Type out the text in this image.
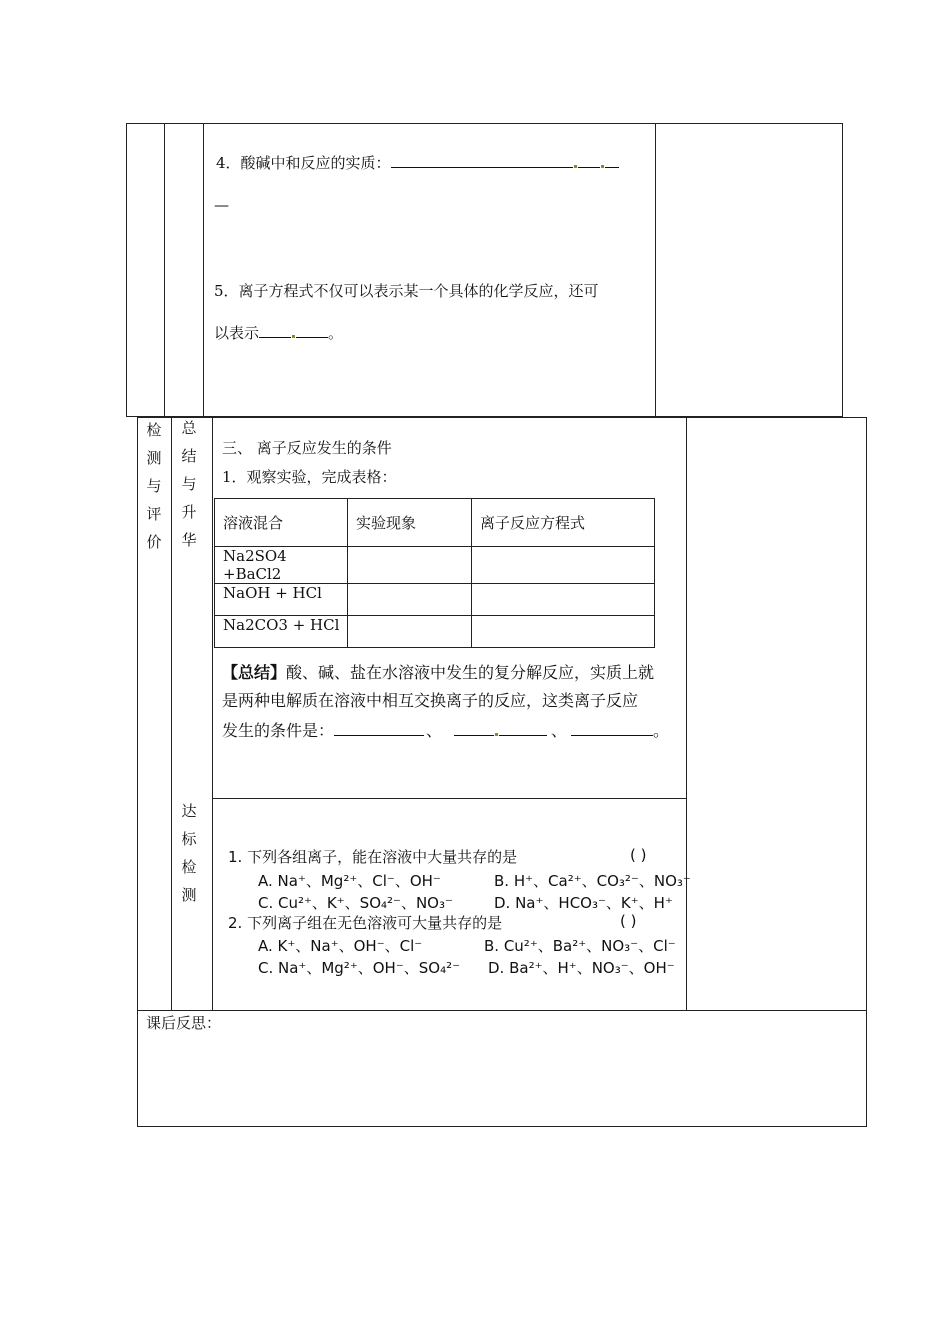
4．酸碱中和反应的实质：
—
5．离子方程式不仅可以表示某一个具体的化学反应，还可
以表示	。
检
测
与
评
价
总
结
与
升
华
达
标
检
测
三、 离子反应发生的条件
1．观察实验，完成表格：
溶液混合	实验现象	离子反应方程式
Na2SO4 +BaCl2		
NaOH + HCl		
Na2CO3 + HCl		
【总结】酸、碱、盐在水溶液中发生的复分解反应，实质上就
是两种电解质在溶液中相互交换离子的反应，这类离子反应
发生的条件是：	、	、	。
1. 下列各组离子，能在溶液中大量共存的是	( )
A. Na⁺、Mg²⁺、Cl⁻、OH⁻	B. H⁺、Ca²⁺、CO₃²⁻、NO₃⁻
C. Cu²⁺、K⁺、SO₄²⁻、NO₃⁻	D. Na⁺、HCO₃⁻、K⁺、H⁺
2. 下列离子组在无色溶液可大量共存的是	( )
A. K⁺、Na⁺、OH⁻、Cl⁻	B. Cu²⁺、Ba²⁺、NO₃⁻、Cl⁻
C. Na⁺、Mg²⁺、OH⁻、SO₄²⁻ D. Ba²⁺、H⁺、NO₃⁻、OH⁻
课后反思：
